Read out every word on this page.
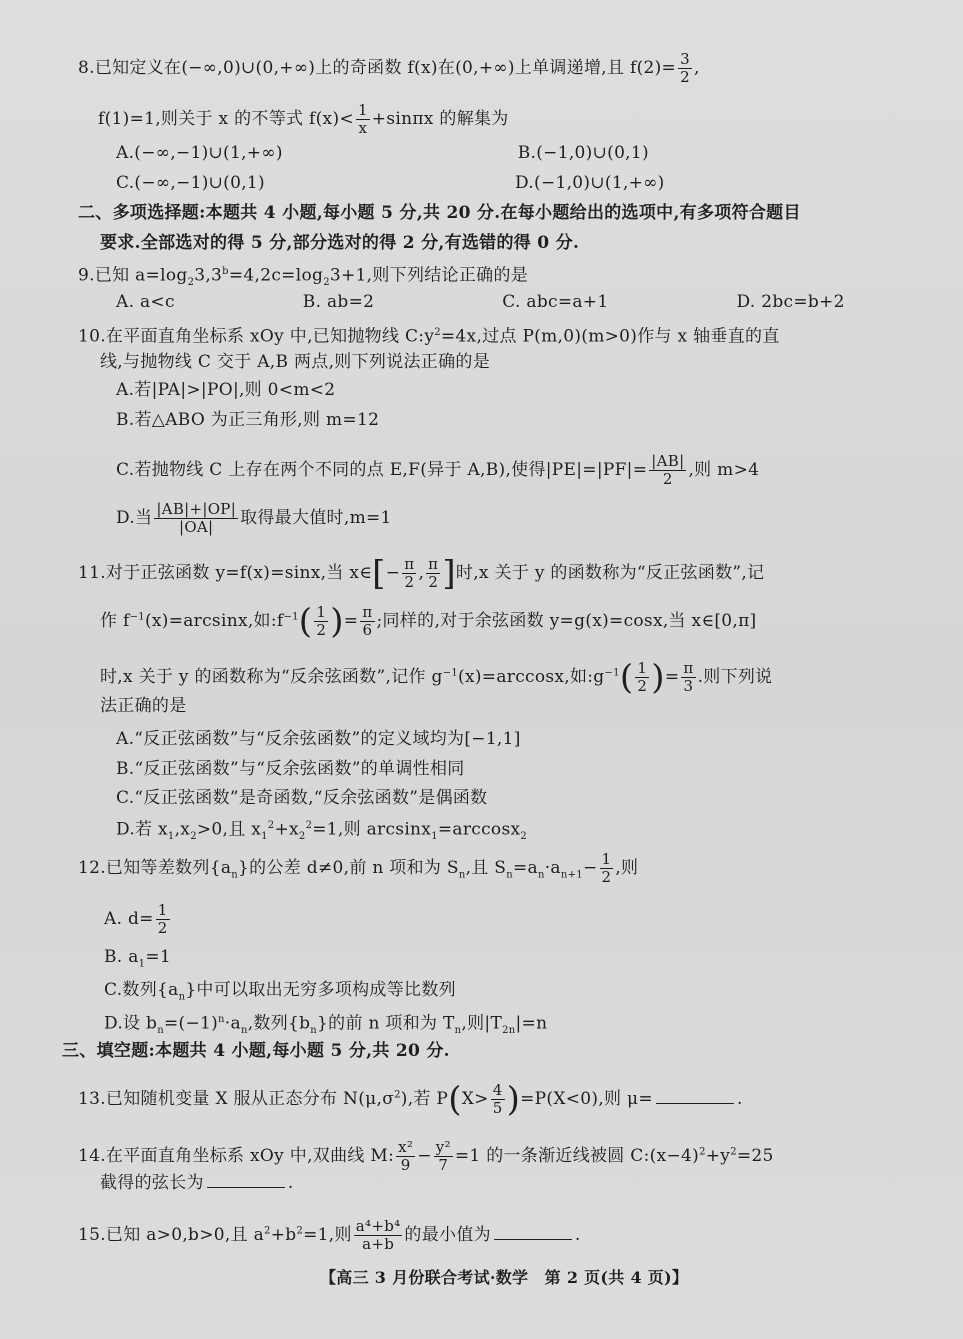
【高三 3 月份联合考试·数学　第 2 页(共 4 页)】
8.已知定义在(−∞,0)∪(0,+∞)上的奇函数 f(x)在(0,+∞)上单调递增,且 $f(2)= \frac{3}{2}$ ,
f(1)=1,则关于 x 的不等式 $f(x)< \frac{1}{x} +\sin\pi x$ 的解集为
A.(−∞,−1)∪(1,+∞)	B.(−1,0)∪(0,1)
C.(−∞,−1)∪(0,1)	D.(−1,0)∪(1,+∞)
二、多项选择题:本题共 4 小题,每小题 5 分,共 20 分.在每小题给出的选项中,有多项符合题目
要求.全部选对的得 5 分,部分选对的得 2 分,有选错的得 0 分.
9.已知 $a=\log_23,3^b=4,2c=\log_23+1$,则下列结论正确的是
A. a<c	B. ab=2	C. abc=a+1	D. 2bc=b+2
10.在平面直角坐标系 xOy 中,已知抛物线 $C:y^2=4x$,过点 P(m,0)(m>0)作与 x 轴垂直的直
线,与抛物线 C 交于 A,B 两点,则下列说法正确的是
A.若|PA|>|PO|,则 0<m<2
B.若△ABO 为正三角形,则 m=12
C.若抛物线 C 上存在两个不同的点 E,F(异于 A,B),使得$|PE|=|PF|= \frac{|AB|}{2}$ ,则 m>4
D.当 $\frac{|AB|+|OP|}{|OA|}$ 取得最大值时,m=1
11.对于正弦函数 y=f(x)=sinx,当 x∈[− $\frac{\pi}{2}$ , $\frac{\pi}{2}$ ]时,x 关于 y 的函数称为“反正弦函数”,记
作 $f^{-1}(x)=\arcsin x$,如$:f^{-1}( \frac{1}{2}$ )= $\frac{\pi}{6}$ ;同样的,对于余弦函数 y=g(x)=cosx,当 x∈[0,π]
时,x 关于 y 的函数称为“反余弦函数”,记作 $g^{-1}(x)=\arccos x$,如$:g^{-1}( \frac{1}{2}$ )= $\frac{\pi}{3}$ .则下列说
法正确的是
A.“反正弦函数”与“反余弦函数”的定义域均为[−1,1]
B.“反正弦函数”与“反余弦函数”的单调性相同
C.“反正弦函数”是奇函数,“反余弦函数”是偶函数
D.若 $x_1,x_2>0$,且 $x_1^2+x_2^2=1$,则 arcsinx$_1$=arccosx$_2$
12.已知等差数列$\{a_n\}$的公差 d≠0,前 n 项和为 $S_n$,且 $S_n=a_n\cdot a_{n+1}- \frac{1}{2}$ ,则
A. $d= \frac{1}{2}$
B. $a_1=1$
C.数列$\{a_n\}$中可以取出无穷多项构成等比数列
D.设 $b_n=(-1)^n\cdot a_n$,数列$\{b_n\}$的前 n 项和为 $T_n$,则$|T_{2n}|=n$
三、填空题:本题共 4 小题,每小题 5 分,共 20 分.
13.已知随机变量 X 服从正态分布 $N(\mu,\sigma^2)$,若 $P(X> \frac{4}{5} )=P(X<0)$,则 μ=	.
14.在平面直角坐标系 xOy 中,双曲线 M: $\frac{\text{x²}}{9} - \frac{\text{y²}}{7} =1$ 的一条渐近线被圆 $C:(x-4)^2+y^2=25$
截得的弦长为	.
15.已知 a>0,b>0,且 $a^2+b^2=1$,则 $\frac{\text{a⁴+b⁴}}{a+b}$ 的最小值为	.
